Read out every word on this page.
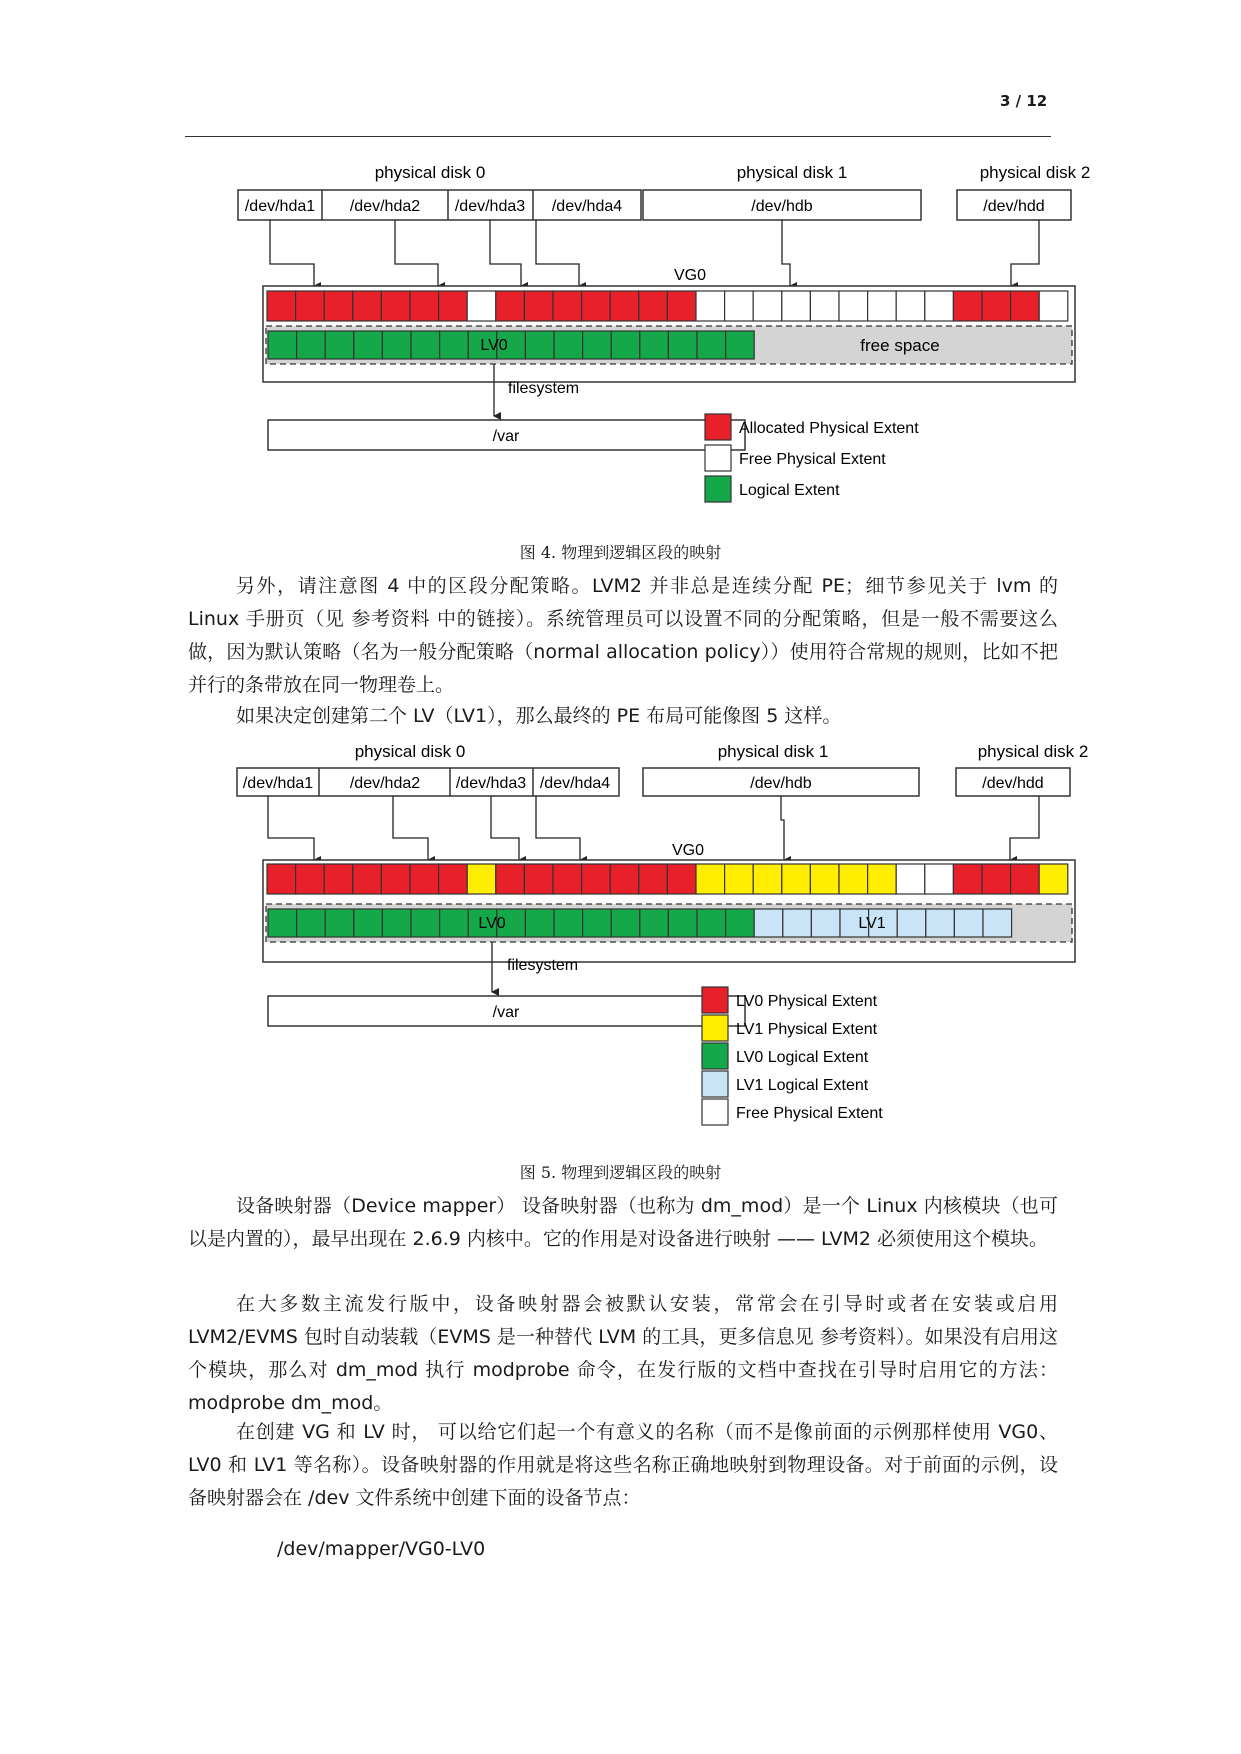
3 / 12
physical disk 0	physical disk 1	physical disk 2
/dev/hda1 /dev/hda2 /dev/hda3 /dev/hda4	/dev/hdb	/dev/hdd
VG0
LV0	free space
filesystem
/var	Allocated Physical Extent
Free Physical Extent
Logical Extent
图 4. 物理到逻辑区段的映射

另外，请注意图 4 中的区段分配策略。LVM2 并非总是连续分配 PE；细节参见关于 lvm 的 Linux 手册页（见 参考资料 中的链接）。系统管理员可以设置不同的分配策略，但是一般不需要这么做，因为默认策略（名为一般分配策略（normal allocation policy））使用符合常规的规则，比如不把并行的条带放在同一物理卷上。

如果决定创建第二个 LV（LV1），那么最终的 PE 布局可能像图 5 这样。

physical disk 0	physical disk 1	physical disk 2
/dev/hda1 /dev/hda2 /dev/hda3 /dev/hda4	/dev/hdb	/dev/hdd
VG0
LV0	LV1
filesystem
/var
LV0 Physical Extent
LV1 Physical Extent
LV0 Logical Extent
LV1 Logical Extent
Free Physical Extent
图 5. 物理到逻辑区段的映射

设备映射器（Device mapper） 设备映射器（也称为 dm_mod）是一个 Linux 内核模块（也可以是内置的），最早出现在 2.6.9 内核中。它的作用是对设备进行映射 —— LVM2 必须使用这个模块。

在大多数主流发行版中，设备映射器会被默认安装，常常会在引导时或者在安装或启用 LVM2/EVMS 包时自动装载（EVMS 是一种替代 LVM 的工具，更多信息见 参考资料）。如果没有启用这个模块，那么对 dm_mod 执行 modprobe 命令，在发行版的文档中查找在引导时启用它的方法：modprobe dm_mod。

在创建 VG 和 LV 时， 可以给它们起一个有意义的名称（而不是像前面的示例那样使用 VG0、LV0 和 LV1 等名称）。设备映射器的作用就是将这些名称正确地映射到物理设备。对于前面的示例，设备映射器会在 /dev 文件系统中创建下面的设备节点：

/dev/mapper/VG0-LV0
